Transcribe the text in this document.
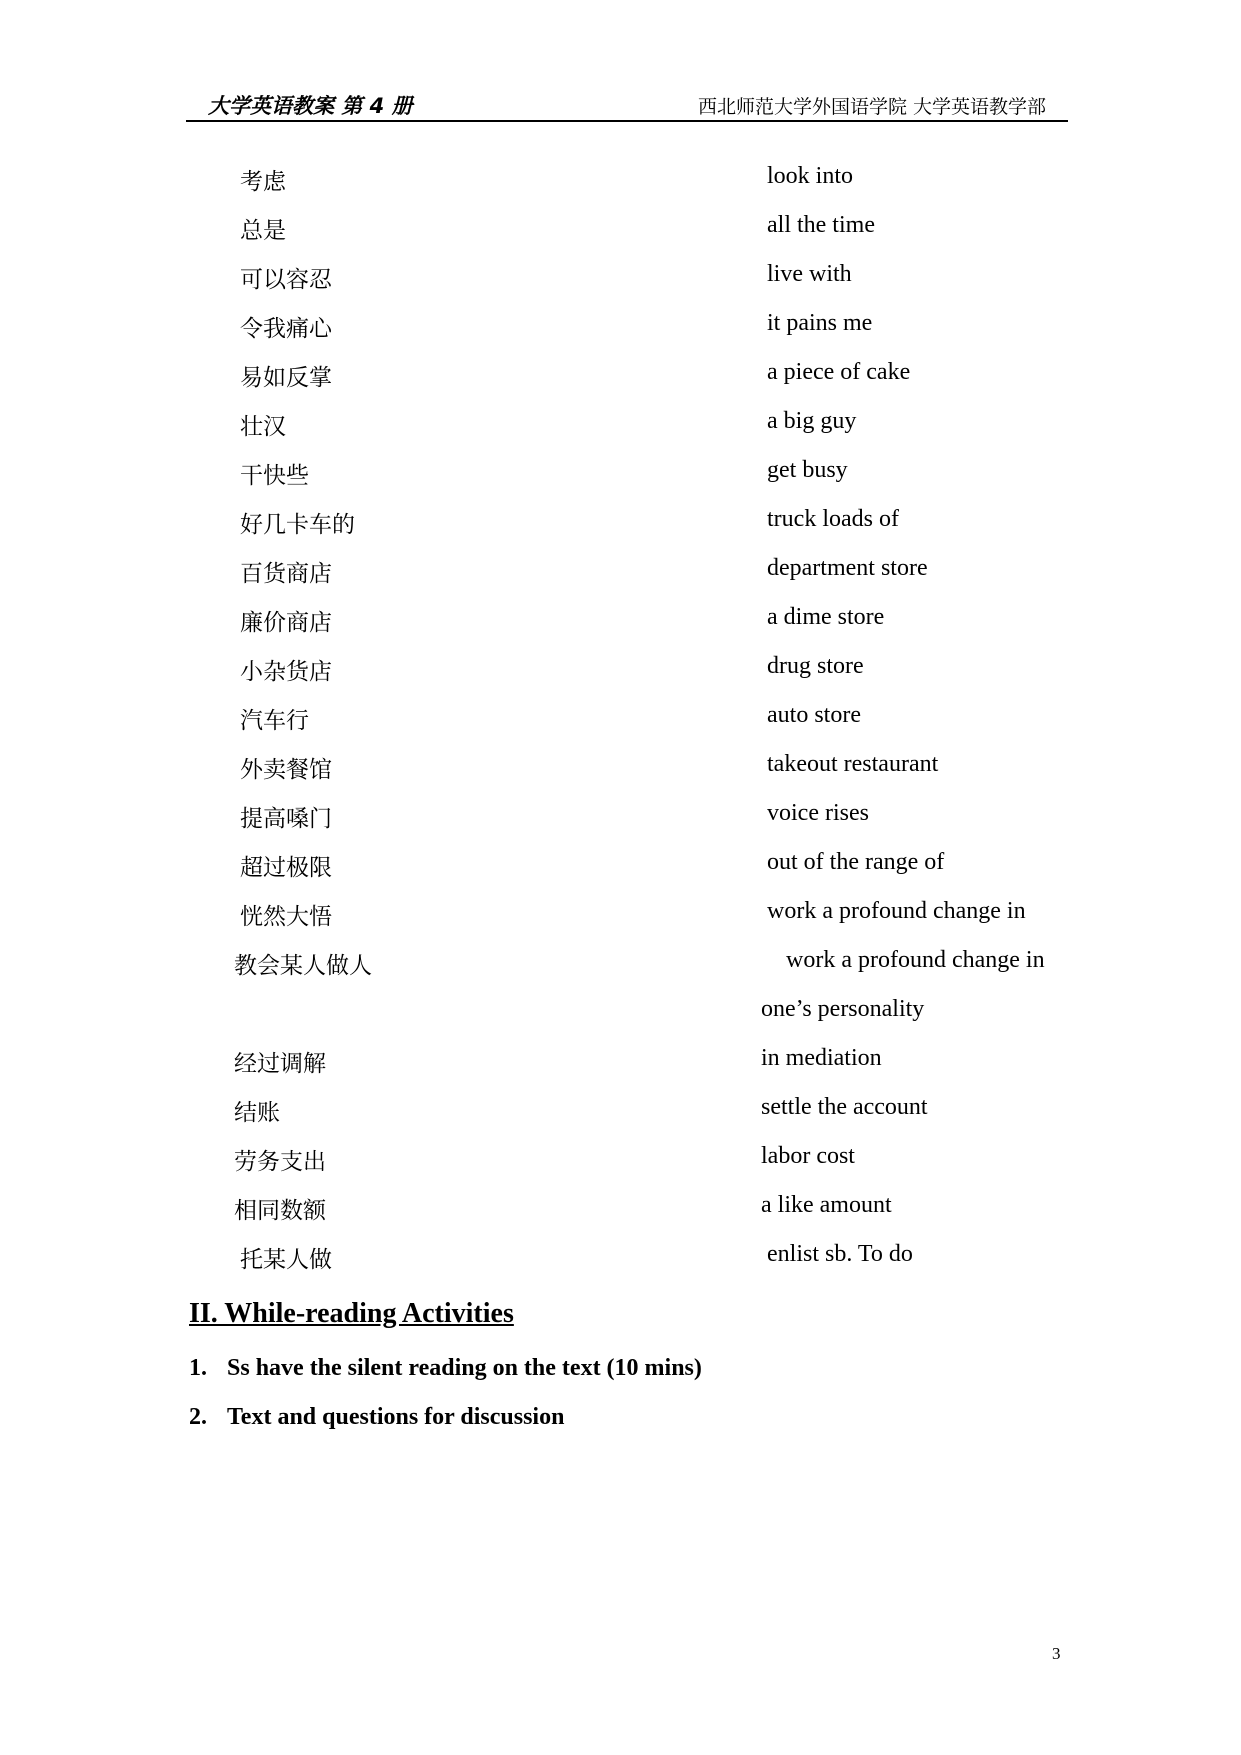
大学英语教案 第 4 册	西北师范大学外国语学院 大学英语教学部
考虑	look into
总是	all the time
可以容忍	live with
令我痛心	it pains me
易如反掌	a piece of cake
壮汉	a big guy
干快些	get busy
好几卡车的	truck loads of
百货商店	department store
廉价商店	a dime store
小杂货店	drug store
汽车行	auto store
外卖餐馆	takeout restaurant
提高嗓门	voice rises
超过极限	out of the range of
恍然大悟	work a profound change in
教会某人做人	work a profound change in
one’s personality
经过调解	in mediation
结账	settle the account
劳务支出	labor cost
相同数额	a like amount
托某人做	enlist sb. To do
II. While-reading Activities
1. Ss have the silent reading on the text (10 mins)
2. Text and questions for discussion
3
